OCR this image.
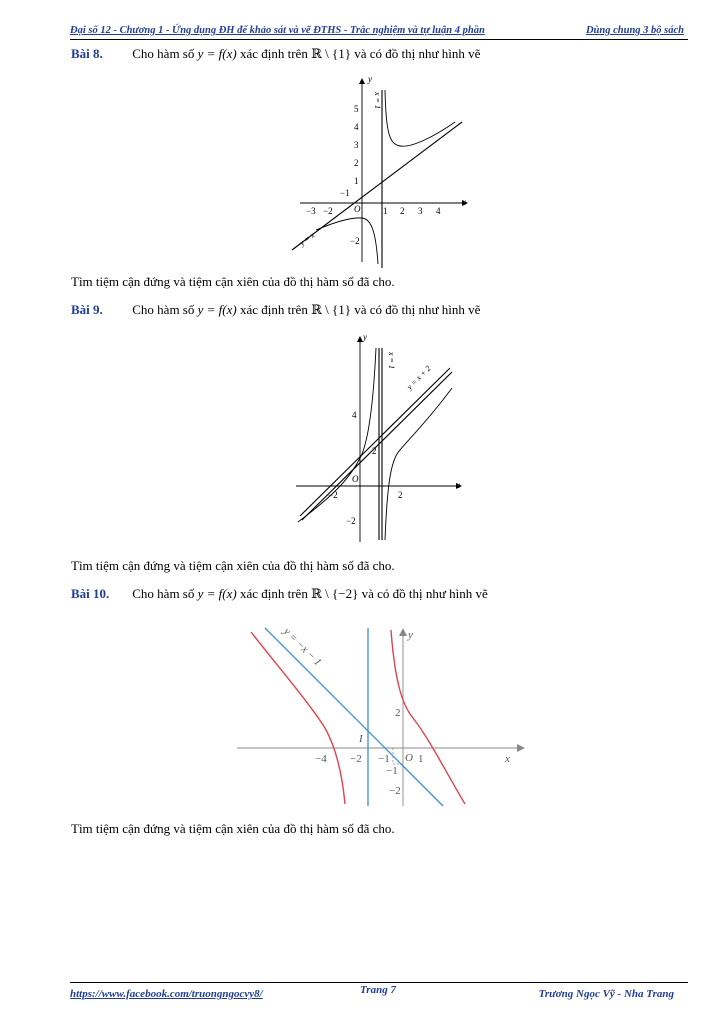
Đại số 12 - Chương 1 - Ứng dụng ĐH để khảo sát và vẽ ĐTHS - Trắc nghiệm và tự luận 4 phần	Dùng chung 3 bộ sách
Bài 8. Cho hàm số y = f(x) xác định trên ℝ \ {1} và có đồ thị như hình vẽ
x
y
O
−3 −2	1 2 3 4
5
4
3
2
1
−1
−2
x = 1
y = x
Tìm tiệm cận đứng và tiệm cận xiên của đồ thị hàm số đã cho.
Bài 9. Cho hàm số y = f(x) xác định trên ℝ \ {1} và có đồ thị như hình vẽ
x
y
O
−2	2
4
2
−2
x = 1
y = x + 2
Tìm tiệm cận đứng và tiệm cận xiên của đồ thị hàm số đã cho.
Bài 10. Cho hàm số y = f(x) xác định trên ℝ \ {−2} và có đồ thị như hình vẽ
x
y
O
−4 −2 −1	1
2
−1
−2
I
y = −x − 1
Tìm tiệm cận đứng và tiệm cận xiên của đồ thị hàm số đã cho.
https://www.facebook.com/truongngocvy8/	Trang 7	Trương Ngọc Vỹ - Nha Trang
